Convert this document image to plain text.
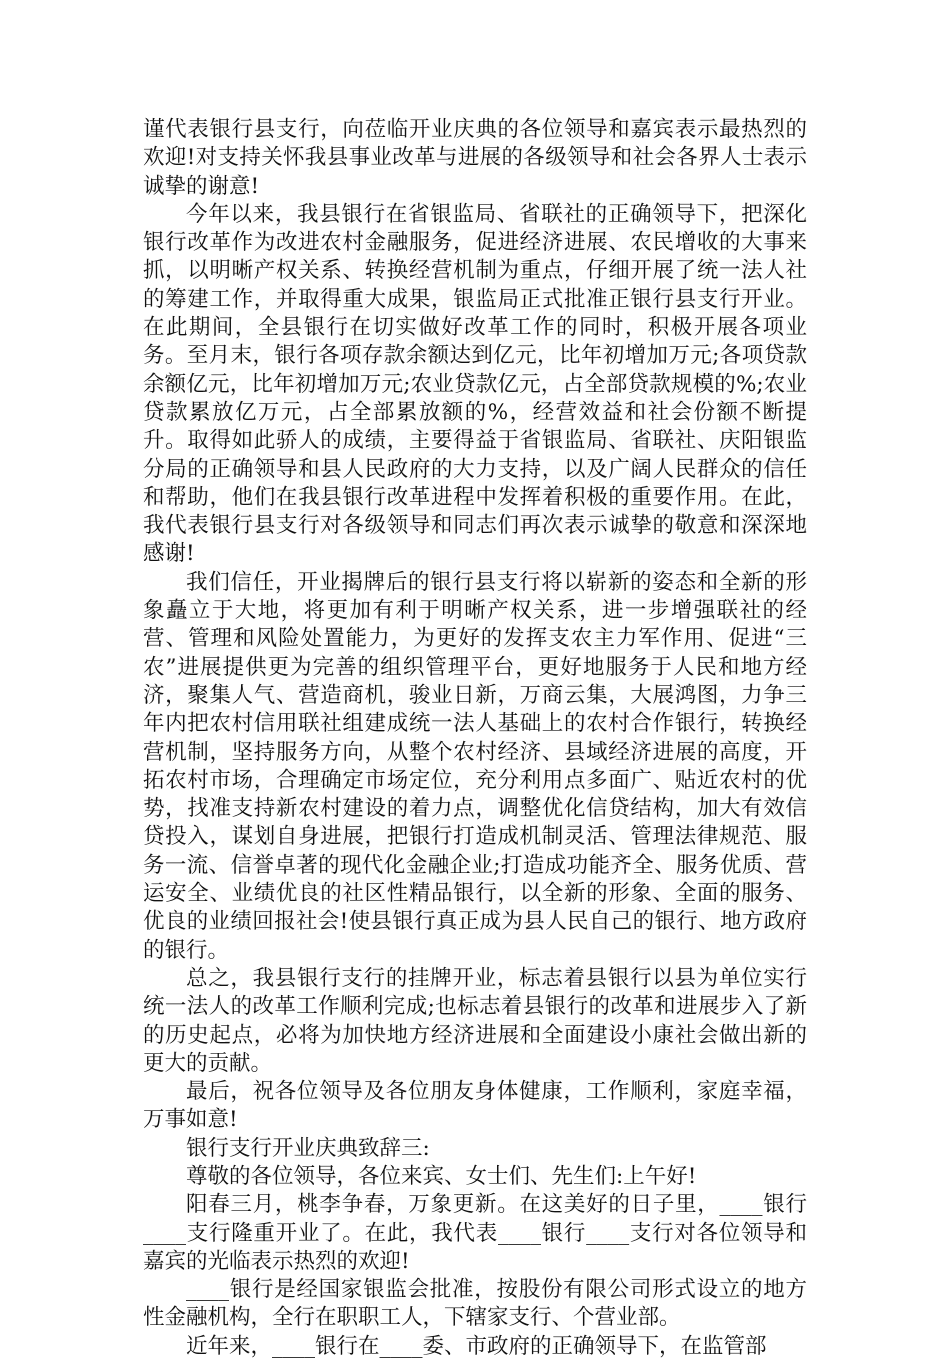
谨代表银行县支行，向莅临开业庆典的各位领导和嘉宾表示最热烈的欢迎!对支持关怀我县事业改革与进展的各级领导和社会各界人士表示诚挚的谢意!

今年以来，我县银行在省银监局、省联社的正确领导下，把深化银行改革作为改进农村金融服务，促进经济进展、农民增收的大事来抓，以明晰产权关系、转换经营机制为重点，仔细开展了统一法人社的筹建工作，并取得重大成果，银监局正式批准正银行县支行开业。在此期间，全县银行在切实做好改革工作的同时，积极开展各项业务。至月末，银行各项存款余额达到亿元，比年初增加万元;各项贷款余额亿元，比年初增加万元;农业贷款亿元，占全部贷款规模的%;农业贷款累放亿万元，占全部累放额的%，经营效益和社会份额不断提升。取得如此骄人的成绩，主要得益于省银监局、省联社、庆阳银监分局的正确领导和县人民政府的大力支持，以及广阔人民群众的信任和帮助，他们在我县银行改革进程中发挥着积极的重要作用。在此，我代表银行县支行对各级领导和同志们再次表示诚挚的敬意和深深地感谢!

我们信任，开业揭牌后的银行县支行将以崭新的姿态和全新的形象矗立于大地，将更加有利于明晰产权关系，进一步增强联社的经营、管理和风险处置能力，为更好的发挥支农主力军作用、促进“三农”进展提供更为完善的组织管理平台，更好地服务于人民和地方经济，聚集人气、营造商机，骏业日新，万商云集，大展鸿图，力争三年内把农村信用联社组建成统一法人基础上的农村合作银行，转换经营机制，坚持服务方向，从整个农村经济、县域经济进展的高度，开拓农村市场，合理确定市场定位，充分利用点多面广、贴近农村的优势，找准支持新农村建设的着力点，调整优化信贷结构，加大有效信贷投入，谋划自身进展，把银行打造成机制灵活、管理法律规范、服务一流、信誉卓著的现代化金融企业;打造成功能齐全、服务优质、营运安全、业绩优良的社区性精品银行，以全新的形象、全面的服务、优良的业绩回报社会!使县银行真正成为县人民自己的银行、地方政府的银行。

总之，我县银行支行的挂牌开业，标志着县银行以县为单位实行统一法人的改革工作顺利完成;也标志着县银行的改革和进展步入了新的历史起点，必将为加快地方经济进展和全面建设小康社会做出新的更大的贡献。

最后，祝各位领导及各位朋友身体健康，工作顺利，家庭幸福，万事如意!

银行支行开业庆典致辞三:

尊敬的各位领导，各位来宾、女士们、先生们:上午好!

阳春三月，桃李争春，万象更新。在这美好的日子里，____银行____支行隆重开业了。在此，我代表____银行____支行对各位领导和嘉宾的光临表示热烈的欢迎!

____银行是经国家银监会批准，按股份有限公司形式设立的地方性金融机构，全行在职职工人，下辖家支行、个营业部。

近年来，____银行在____委、市政府的正确领导下，在监管部
